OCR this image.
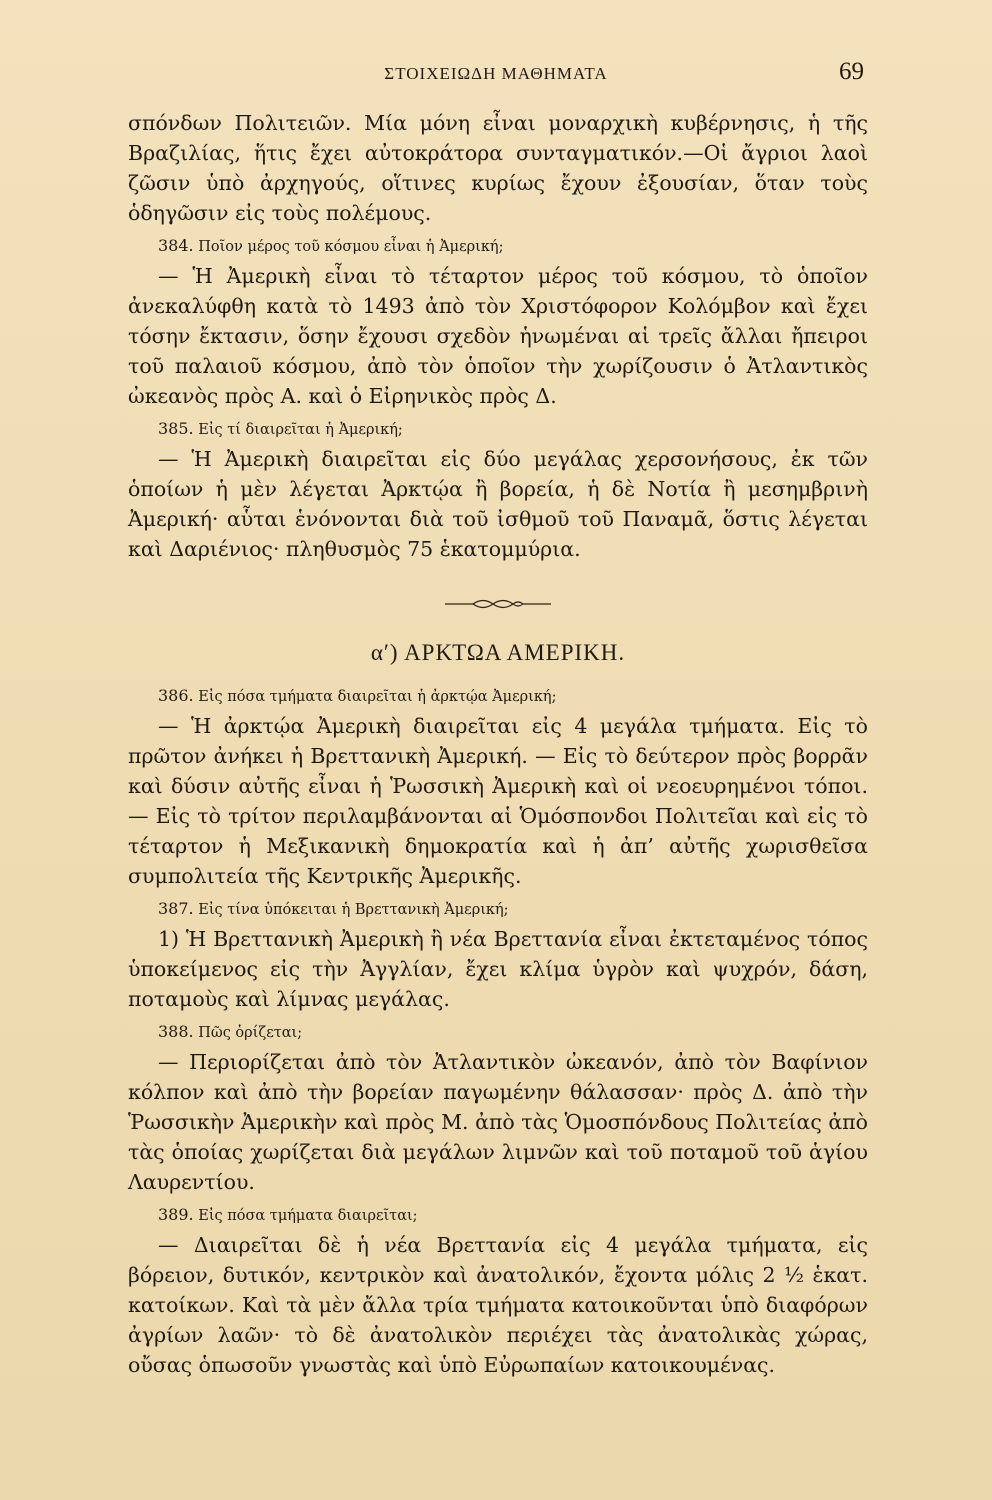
ΣΤΟΙΧΕΙΩΔΗ ΜΑΘΗΜΑΤΑ	69

σπόνδων Πολιτειῶν. Μία μόνη εἶναι μοναρχικὴ κυβέρνησις, ἡ τῆς Βραζιλίας, ἥτις ἔχει αὐτοκράτορα συνταγματικόν.—Οἱ ἄγριοι λαοὶ ζῶσιν ὑπὸ ἀρχηγούς, οἵτινες κυρίως ἔχουν ἐξουσίαν, ὅταν τοὺς ὁδηγῶσιν εἰς τοὺς πολέμους.

384. Ποῖον μέρος τοῦ κόσμου εἶναι ἡ Ἀμερική;

— Ἡ Ἀμερικὴ εἶναι τὸ τέταρτον μέρος τοῦ κόσμου, τὸ ὁποῖον ἀνεκαλύφθη κατὰ τὸ 1493 ἀπὸ τὸν Χριστόφορον Κολόμβον καὶ ἔχει τόσην ἔκτασιν, ὅσην ἔχουσι σχεδὸν ἡνωμέναι αἱ τρεῖς ἄλλαι ἤπειροι τοῦ παλαιοῦ κόσμου, ἀπὸ τὸν ὁποῖον τὴν χωρίζουσιν ὁ Ἀτλαντικὸς ὠκεανὸς πρὸς Α. καὶ ὁ Εἰρηνικὸς πρὸς Δ.

385. Εἰς τί διαιρεῖται ἡ Ἀμερική;

— Ἡ Ἀμερικὴ διαιρεῖται εἰς δύο μεγάλας χερσονήσους, ἐκ τῶν ὁποίων ἡ μὲν λέγεται Ἀρκτῴα ἢ βορεία, ἡ δὲ Νοτία ἢ μεσημβρινὴ Ἀμερική· αὗται ἑνόνονται διὰ τοῦ ἰσθμοῦ τοῦ Παναμᾶ, ὅστις λέγεται καὶ Δαριένιος· πληθυσμὸς 75 ἑκατομμύρια.

α′) ΑΡΚΤΩΑ ΑΜΕΡΙΚΗ.
386. Εἰς πόσα τμήματα διαιρεῖται ἡ ἀρκτῴα Ἀμερική;

— Ἡ ἀρκτῴα Ἀμερικὴ διαιρεῖται εἰς 4 μεγάλα τμήματα. Εἰς τὸ πρῶτον ἀνήκει ἡ Βρεττανικὴ Ἀμερική. — Εἰς τὸ δεύτερον πρὸς βορρᾶν καὶ δύσιν αὐτῆς εἶναι ἡ Ῥωσσικὴ Ἀμερικὴ καὶ οἱ νεοευρημένοι τόποι. — Εἰς τὸ τρίτον περιλαμβάνονται αἱ Ὁμόσπονδοι Πολιτεῖαι καὶ εἰς τὸ τέταρτον ἡ Μεξικανικὴ δημοκρατία καὶ ἡ ἀπ’ αὐτῆς χωρισθεῖσα συμπολιτεία τῆς Κεντρικῆς Ἀμερικῆς.

387. Εἰς τίνα ὑπόκειται ἡ Βρεττανικὴ Ἀμερική;

1) Ἡ Βρεττανικὴ Ἀμερικὴ ἢ νέα Βρεττανία εἶναι ἐκτεταμένος τόπος ὑποκείμενος εἰς τὴν Ἀγγλίαν, ἔχει κλίμα ὑγρὸν καὶ ψυχρόν, δάση, ποταμοὺς καὶ λίμνας μεγάλας.

388. Πῶς ὁρίζεται;

— Περιορίζεται ἀπὸ τὸν Ἀτλαντικὸν ὠκεανόν, ἀπὸ τὸν Βαφίνιον κόλπον καὶ ἀπὸ τὴν βορείαν παγωμένην θάλασσαν· πρὸς Δ. ἀπὸ τὴν Ῥωσσικὴν Ἀμερικὴν καὶ πρὸς Μ. ἀπὸ τὰς Ὁμοσπόνδους Πολιτείας ἀπὸ τὰς ὁποίας χωρίζεται διὰ μεγάλων λιμνῶν καὶ τοῦ ποταμοῦ τοῦ ἁγίου Λαυρεντίου.

389. Εἰς πόσα τμήματα διαιρεῖται;

— Διαιρεῖται δὲ ἡ νέα Βρεττανία εἰς 4 μεγάλα τμήματα, εἰς βόρειον, δυτικόν, κεντρικὸν καὶ ἀνατολικόν, ἔχοντα μόλις 2 ½ ἑκατ. κατοίκων. Καὶ τὰ μὲν ἄλλα τρία τμήματα κατοικοῦνται ὑπὸ διαφόρων ἀγρίων λαῶν· τὸ δὲ ἀνατολικὸν περιέχει τὰς ἀνατολικὰς χώρας, οὔσας ὁπωσοῦν γνωστὰς καὶ ὑπὸ Εὐρωπαίων κατοικουμένας.
